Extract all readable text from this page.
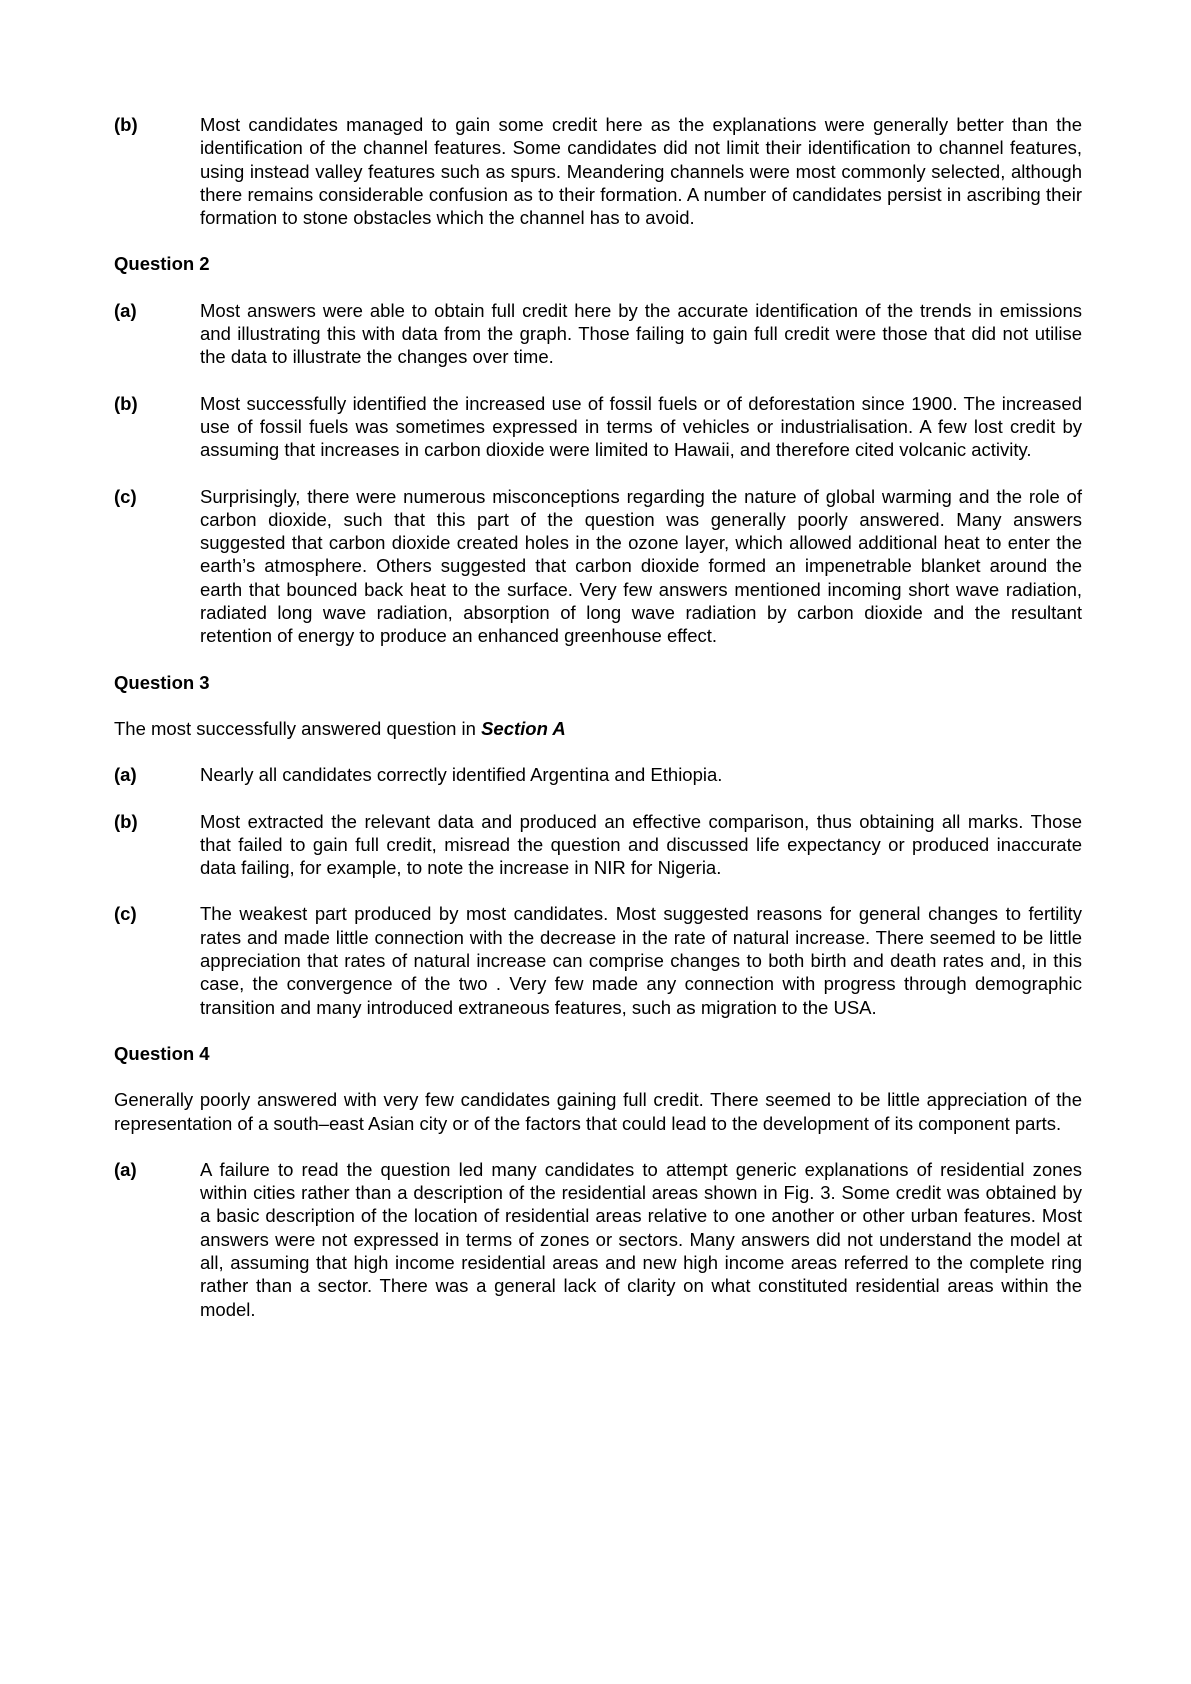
(b)	Most candidates managed to gain some credit here as the explanations were generally better than the identification of the channel features. Some candidates did not limit their identification to channel features, using instead valley features such as spurs. Meandering channels were most commonly selected, although there remains considerable confusion as to their formation. A number of candidates persist in ascribing their formation to stone obstacles which the channel has to avoid.
Question 2
(a)	Most answers were able to obtain full credit here by the accurate identification of the trends in emissions and illustrating this with data from the graph. Those failing to gain full credit were those that did not utilise the data to illustrate the changes over time.
(b)	Most successfully identified the increased use of fossil fuels or of deforestation since 1900. The increased use of fossil fuels was sometimes expressed in terms of vehicles or industrialisation. A few lost credit by assuming that increases in carbon dioxide were limited to Hawaii, and therefore cited volcanic activity.
(c)	Surprisingly, there were numerous misconceptions regarding the nature of global warming and the role of carbon dioxide, such that this part of the question was generally poorly answered. Many answers suggested that carbon dioxide created holes in the ozone layer, which allowed additional heat to enter the earth’s atmosphere. Others suggested that carbon dioxide formed an impenetrable blanket around the earth that bounced back heat to the surface. Very few answers mentioned incoming short wave radiation, radiated long wave radiation, absorption of long wave radiation by carbon dioxide and the resultant retention of energy to produce an enhanced greenhouse effect.
Question 3
The most successfully answered question in Section A
(a)	Nearly all candidates correctly identified Argentina and Ethiopia.
(b)	Most extracted the relevant data and produced an effective comparison, thus obtaining all marks. Those that failed to gain full credit, misread the question and discussed life expectancy or produced inaccurate data failing, for example, to note the increase in NIR for Nigeria.
(c)	The weakest part produced by most candidates. Most suggested reasons for general changes to fertility rates and made little connection with the decrease in the rate of natural increase. There seemed to be little appreciation that rates of natural increase can comprise changes to both birth and death rates and, in this case, the convergence of the two . Very few made any connection with progress through demographic transition and many introduced extraneous features, such as migration to the USA.
Question 4
Generally poorly answered with very few candidates gaining full credit. There seemed to be little appreciation of the representation of a south–east Asian city or of the factors that could lead to the development of its component parts.
(a)	A failure to read the question led many candidates to attempt generic explanations of residential zones within cities rather than a description of the residential areas shown in Fig. 3. Some credit was obtained by a basic description of the location of residential areas relative to one another or other urban features. Most answers were not expressed in terms of zones or sectors. Many answers did not understand the model at all, assuming that high income residential areas and new high income areas referred to the complete ring rather than a sector. There was a general lack of clarity on what constituted residential areas within the model.
